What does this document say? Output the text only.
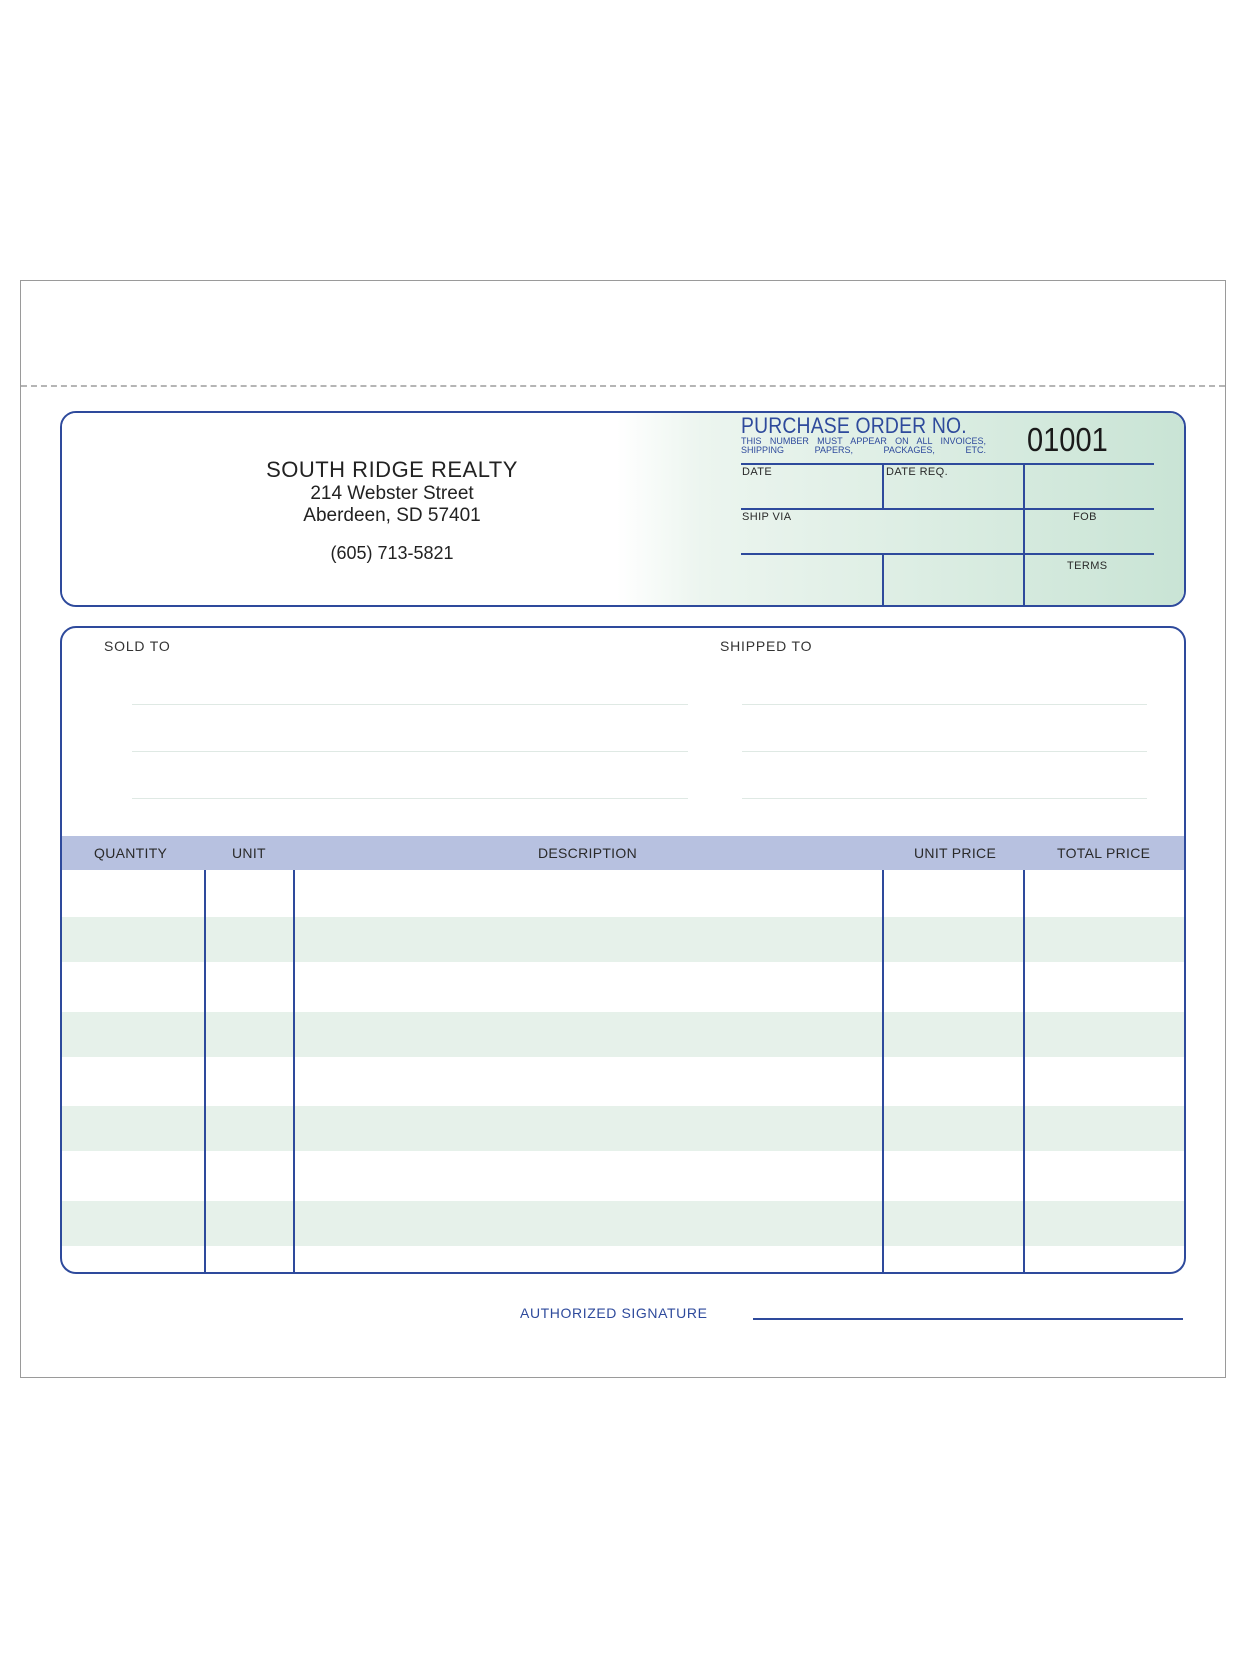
SOUTH RIDGE REALTY
214 Webster Street
Aberdeen, SD 57401
(605) 713-5821
PURCHASE ORDER NO.
THIS NUMBER MUST APPEAR ON ALL INVOICES, SHIPPING PAPERS, PACKAGES, ETC. 01001
DATE	DATE REQ.
SHIP VIA	FOB
TERMS
SOLD TO	SHIPPED TO
QUANTITY	UNIT	DESCRIPTION	UNIT PRICE	TOTAL PRICE
AUTHORIZED SIGNATURE
